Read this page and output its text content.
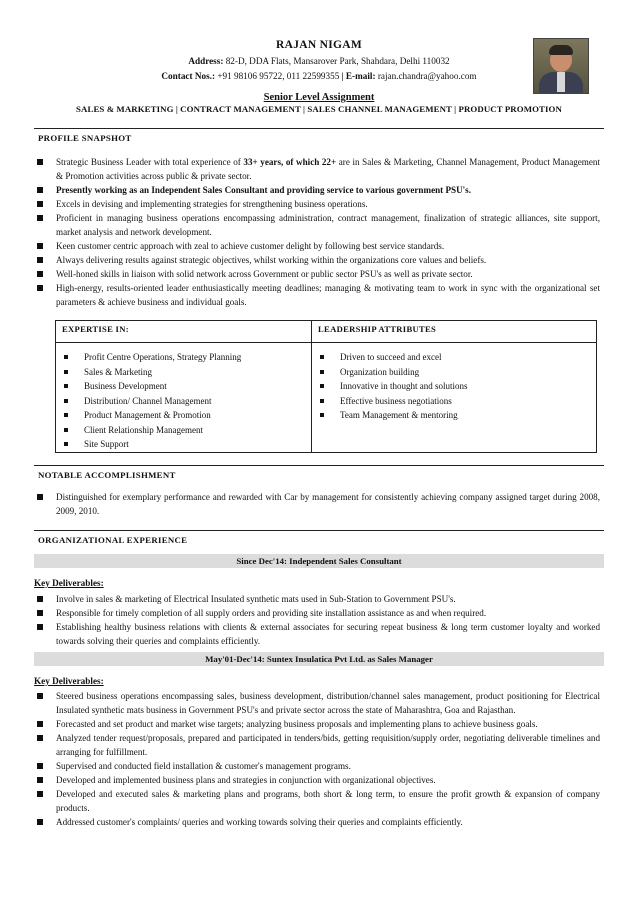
RAJAN NIGAM
Address: 82-D, DDA Flats, Mansarover Park, Shahdara, Delhi 110032
Contact Nos.: +91 98106 95722, 011 22599355 | E-mail: rajan.chandra@yahoo.com
Senior Level Assignment
SALES & MARKETING | CONTRACT MANAGEMENT | SALES CHANNEL MANAGEMENT | PRODUCT PROMOTION
PROFILE SNAPSHOT
Strategic Business Leader with total experience of 33+ years, of which 22+ are in Sales & Marketing, Channel Management, Product Management & Promotion activities across public & private sector.
Presently working as an Independent Sales Consultant and providing service to various government PSU's.
Excels in devising and implementing strategies for strengthening business operations.
Proficient in managing business operations encompassing administration, contract management, finalization of strategic alliances, site support, market analysis and network development.
Keen customer centric approach with zeal to achieve customer delight by following best service standards.
Always delivering results against strategic objectives, whilst working within the organizations core values and beliefs.
Well-honed skills in liaison with solid network across Government or public sector PSU's as well as private sector.
High-energy, results-oriented leader enthusiastically meeting deadlines; managing & motivating team to work in sync with the organizational set parameters & achieve business and individual goals.
EXPERTISE IN:
Profit Centre Operations, Strategy Planning
Sales & Marketing
Business Development
Distribution/ Channel Management
Product Management & Promotion
Client Relationship Management
Site Support

LEADERSHIP ATTRIBUTES
Driven to succeed and excel
Organization building
Innovative in thought and solutions
Effective business negotiations
Team Management & mentoring
NOTABLE ACCOMPLISHMENT
Distinguished for exemplary performance and rewarded with Car by management for consistently achieving company assigned target during 2008, 2009, 2010.
ORGANIZATIONAL EXPERIENCE
Since Dec'14: Independent Sales Consultant
Key Deliverables:
Involve in sales & marketing of Electrical Insulated synthetic mats used in Sub-Station to Government PSU's.
Responsible for timely completion of all supply orders and providing site installation assistance as and when required.
Establishing healthy business relations with clients & external associates for securing repeat business & long term customer loyalty and worked towards solving their queries and complaints efficiently.
May'01-Dec'14: Suntex Insulatica Pvt Ltd. as Sales Manager
Key Deliverables:
Steered business operations encompassing sales, business development, distribution/channel sales management, product positioning for Electrical Insulated synthetic mats business in Government PSU's and private sector across the state of Maharashtra, Goa and Rajasthan.
Forecasted and set product and market wise targets; analyzing business proposals and implementing plans to achieve business goals.
Analyzed tender request/proposals, prepared and participated in tenders/bids, getting requisition/supply order, negotiating deliverable timelines and arranging for fulfillment.
Supervised and conducted field installation & customer's management programs.
Developed and implemented business plans and strategies in conjunction with organizational objectives.
Developed and executed sales & marketing plans and programs, both short & long term, to ensure the profit growth & expansion of company products.
Addressed customer's complaints/ queries and working towards solving their queries and complaints efficiently.
